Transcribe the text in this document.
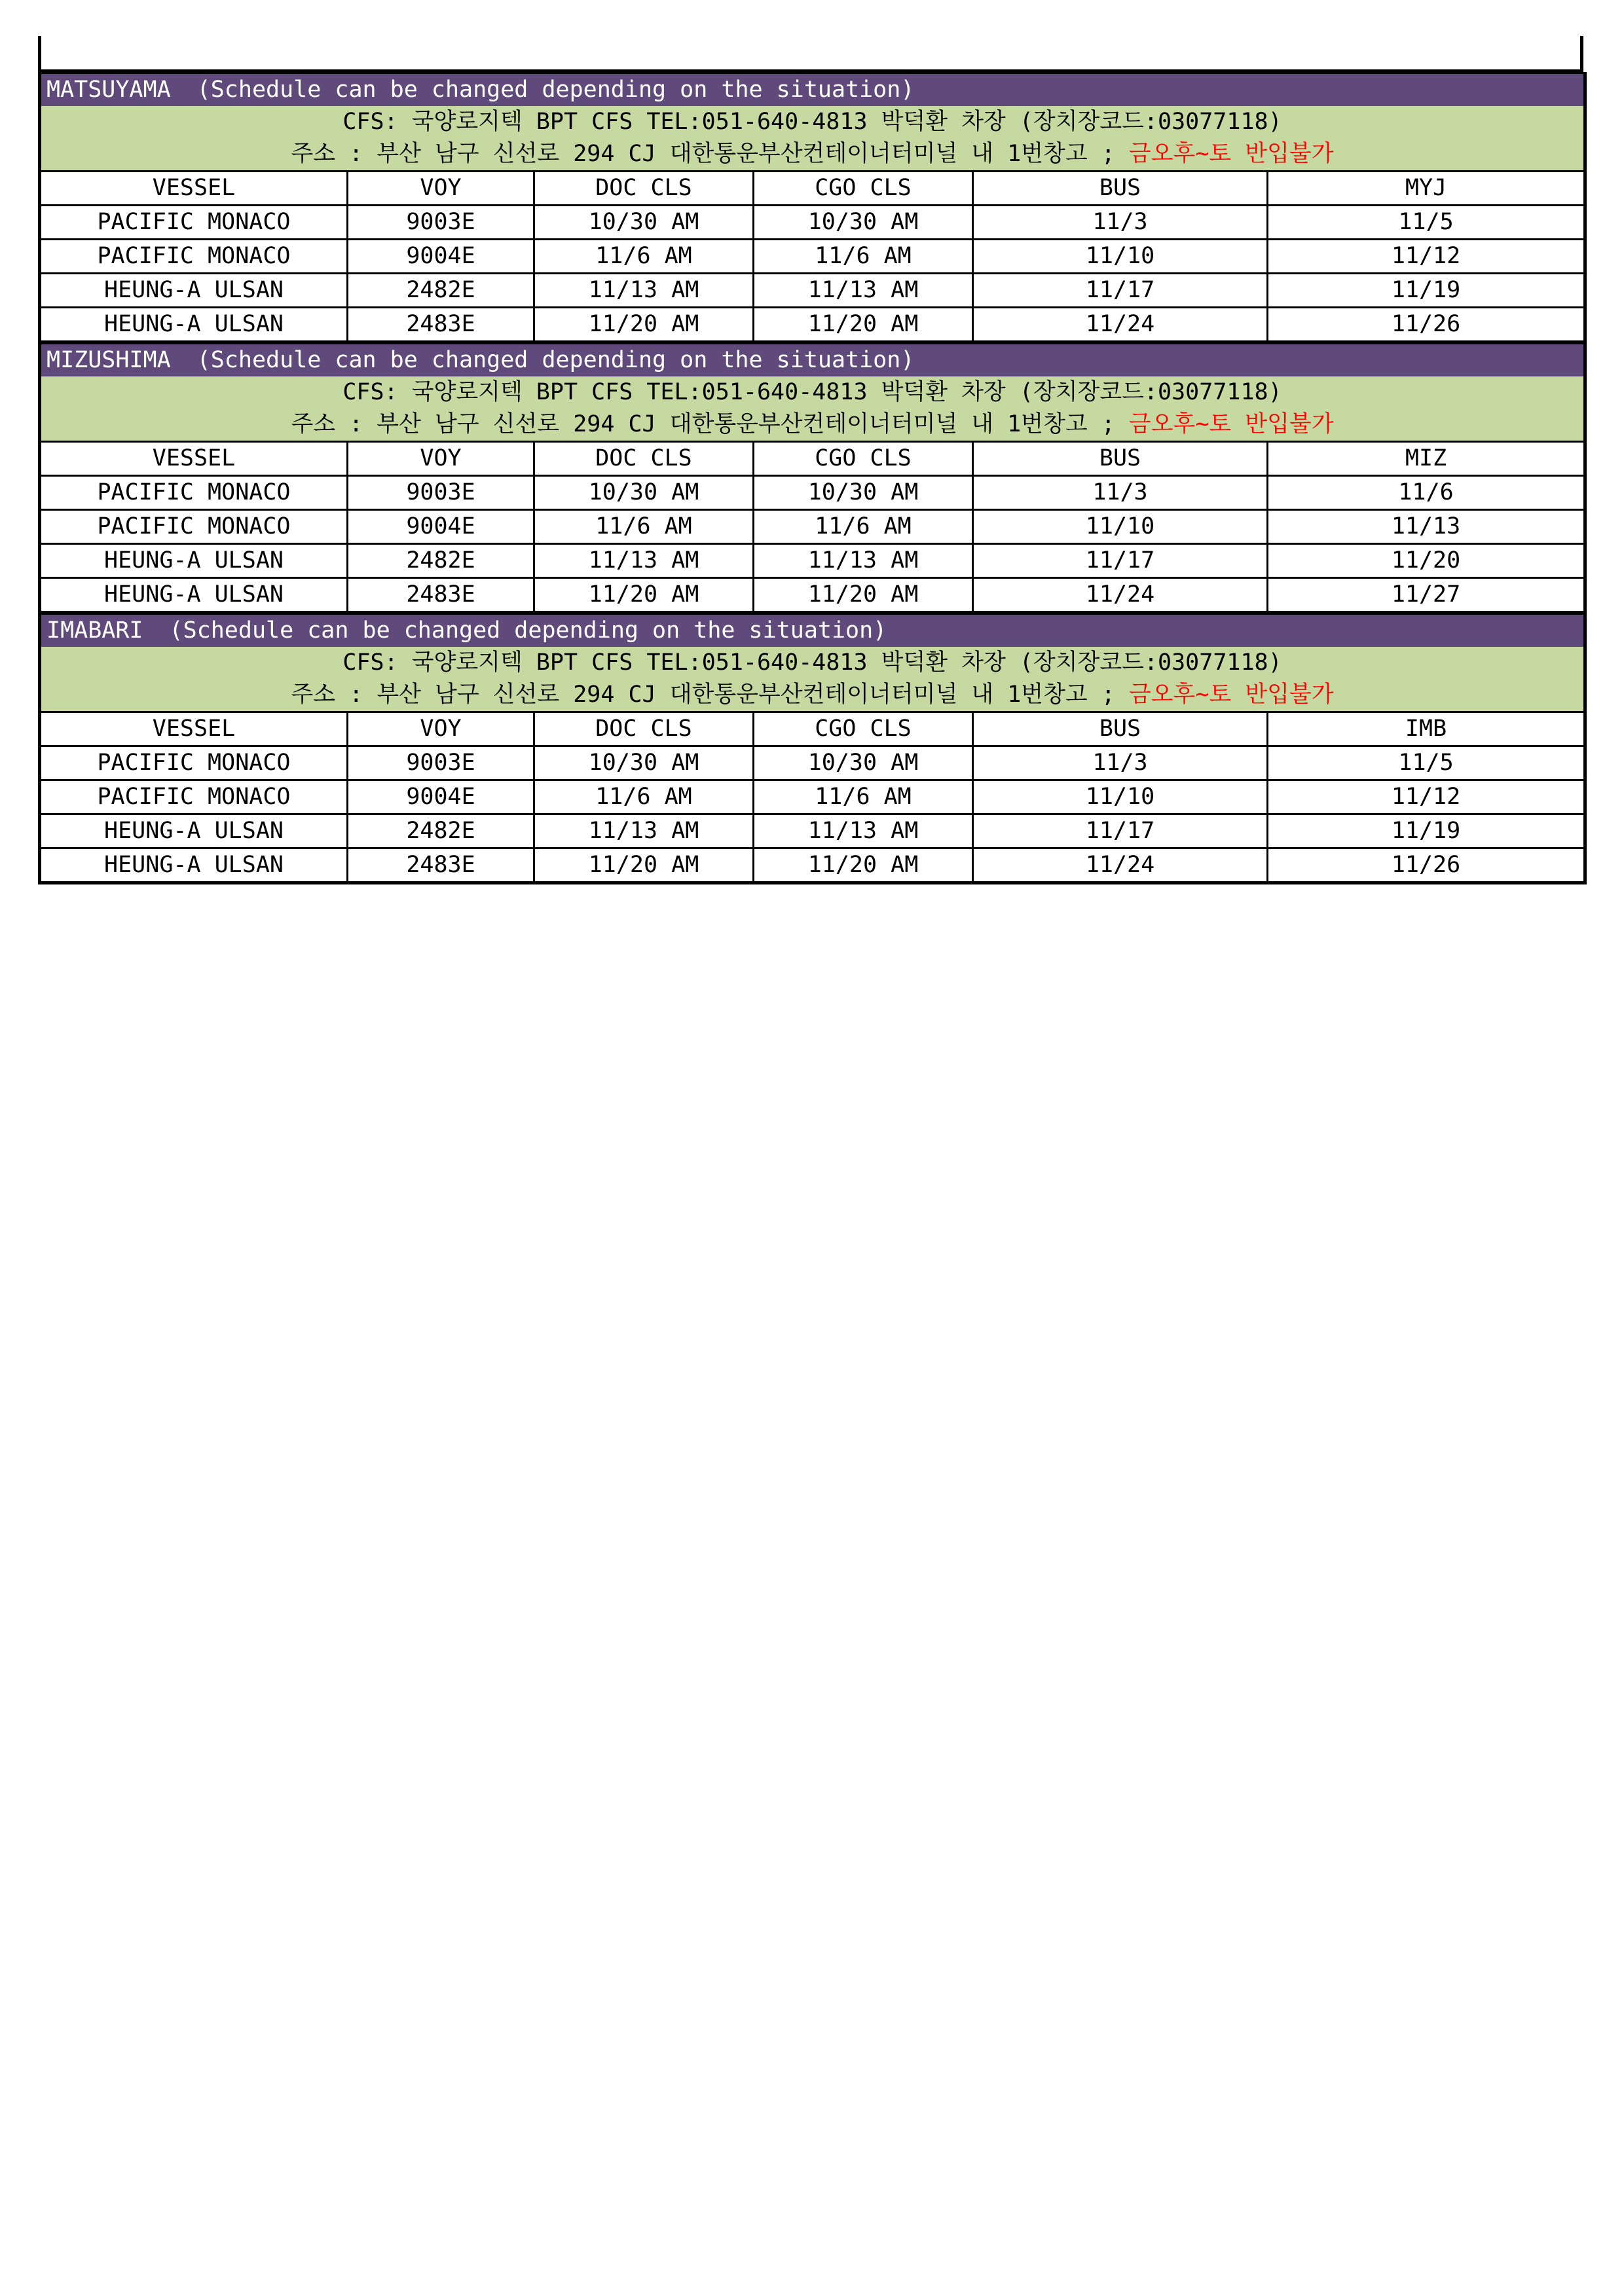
MATSUYAMA (Schedule can be changed depending on the situation)					
CFS: 국양로지텍 BPT CFS TEL:051-640-4813 박덕환 차장 (장치장코드:03077118)					
주소 : 부산 남구 신선로 294 CJ 대한통운부산컨테이너터미널 내 1번창고 ; 금오후~토 반입불가					
VESSEL	VOY	DOC CLS	CGO CLS	BUS	MYJ
PACIFIC MONACO	9003E	10/30 AM	10/30 AM	11/3	11/5
PACIFIC MONACO	9004E	11/6 AM	11/6 AM	11/10	11/12
HEUNG-A ULSAN	2482E	11/13 AM	11/13 AM	11/17	11/19
HEUNG-A ULSAN	2483E	11/20 AM	11/20 AM	11/24	11/26
MIZUSHIMA (Schedule can be changed depending on the situation)					
CFS: 국양로지텍 BPT CFS TEL:051-640-4813 박덕환 차장 (장치장코드:03077118)					
주소 : 부산 남구 신선로 294 CJ 대한통운부산컨테이너터미널 내 1번창고 ; 금오후~토 반입불가					
VESSEL	VOY	DOC CLS	CGO CLS	BUS	MIZ
PACIFIC MONACO	9003E	10/30 AM	10/30 AM	11/3	11/6
PACIFIC MONACO	9004E	11/6 AM	11/6 AM	11/10	11/13
HEUNG-A ULSAN	2482E	11/13 AM	11/13 AM	11/17	11/20
HEUNG-A ULSAN	2483E	11/20 AM	11/20 AM	11/24	11/27
IMABARI (Schedule can be changed depending on the situation)					
CFS: 국양로지텍 BPT CFS TEL:051-640-4813 박덕환 차장 (장치장코드:03077118)					
주소 : 부산 남구 신선로 294 CJ 대한통운부산컨테이너터미널 내 1번창고 ; 금오후~토 반입불가					
VESSEL	VOY	DOC CLS	CGO CLS	BUS	IMB
PACIFIC MONACO	9003E	10/30 AM	10/30 AM	11/3	11/5
PACIFIC MONACO	9004E	11/6 AM	11/6 AM	11/10	11/12
HEUNG-A ULSAN	2482E	11/13 AM	11/13 AM	11/17	11/19
HEUNG-A ULSAN	2483E	11/20 AM	11/20 AM	11/24	11/26
